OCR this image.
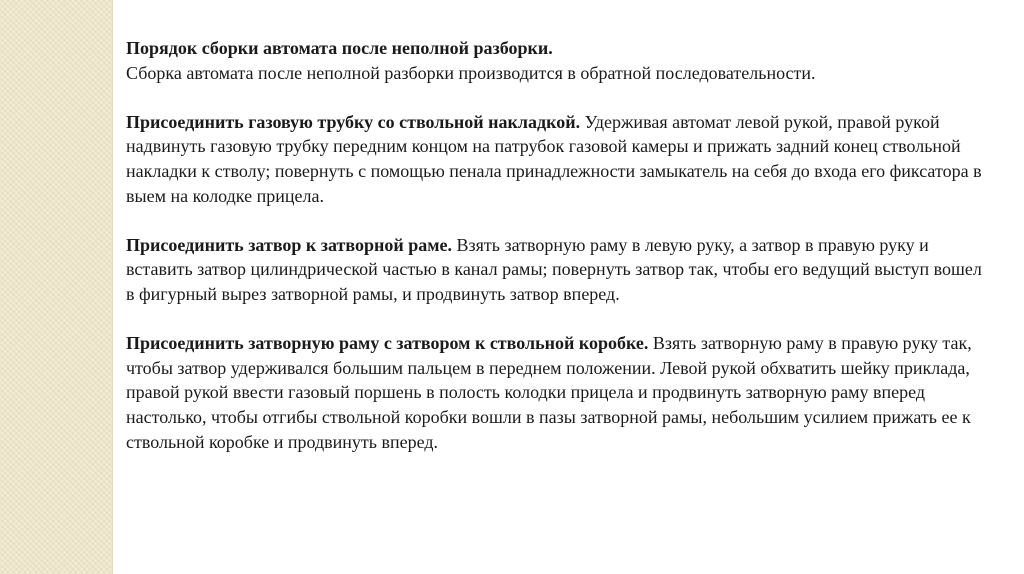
Порядок сборки автомата после неполной разборки.
Сборка автомата после неполной разборки производится в обратной последовательности.

Присоединить газовую трубку со ствольной накладкой. Удерживая автомат левой рукой, правой рукой надвинуть газовую трубку передним концом на патрубок газовой камеры и прижать задний конец ствольной накладки к стволу; повернуть с помощью пенала принадлежности замыкатель на себя до входа его фиксатора в выем на колодке прицела.

Присоединить затвор к затворной раме. Взять затворную раму в левую руку, а затвор в правую руку и вставить затвор цилиндрической частью в канал рамы; повернуть затвор так, чтобы его ведущий выступ вошел в фигурный вырез затворной рамы, и продвинуть затвор вперед.

Присоединить затворную раму с затвором к ствольной коробке. Взять затворную раму в правую руку так, чтобы затвор удерживался большим пальцем в переднем положении. Левой рукой обхватить шейку приклада, правой рукой ввести газовый поршень в полость колодки прицела и продвинуть затворную раму вперед настолько, чтобы отгибы ствольной коробки вошли в пазы затворной рамы, небольшим усилием прижать ее к ствольной коробке и продвинуть вперед.
